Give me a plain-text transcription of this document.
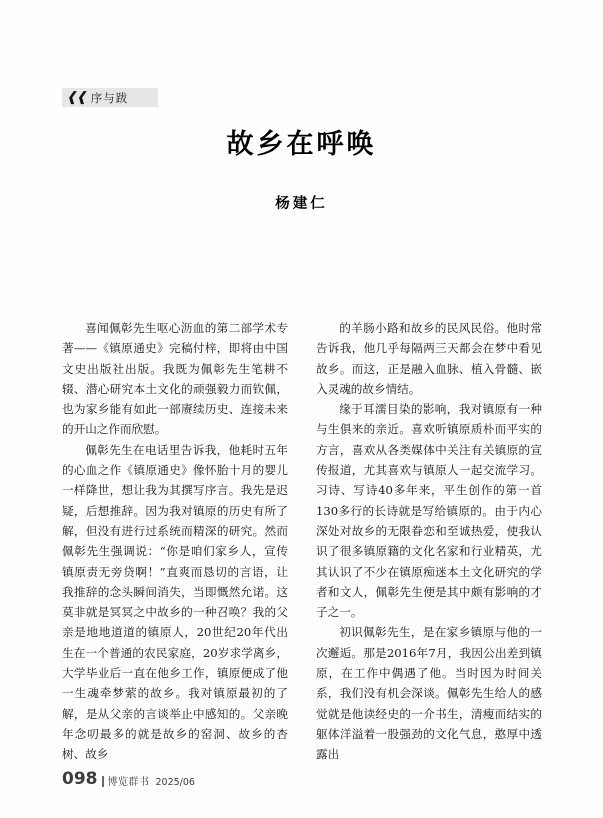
❰❰ 序与跋
故乡在呼唤
杨建仁

喜闻佩彰先生呕心沥血的第二部学术专著——《镇原通史》完稿付梓，即将由中国文史出版社出版。我既为佩彰先生笔耕不辍、潜心研究本土文化的顽强毅力而钦佩，也为家乡能有如此一部赓续历史、连接未来的开山之作而欣慰。

佩彰先生在电话里告诉我，他耗时五年的心血之作《镇原通史》像怀胎十月的婴儿一样降世，想让我为其撰写序言。我先是迟疑，后想推辞。因为我对镇原的历史有所了解，但没有进行过系统而精深的研究。然而佩彰先生强调说：“你是咱们家乡人，宣传镇原责无旁贷啊！”直爽而恳切的言语，让我推辞的念头瞬间消失，当即慨然允诺。这莫非就是冥冥之中故乡的一种召唤？我的父亲是地地道道的镇原人，20世纪20年代出生在一个普通的农民家庭，20岁求学离乡，大学毕业后一直在他乡工作，镇原便成了他一生魂牵梦萦的故乡。我对镇原最初的了解，是从父亲的言谈举止中感知的。父亲晚年念叨最多的就是故乡的窑洞、故乡的杏树、故乡

的羊肠小路和故乡的民风民俗。他时常告诉我，他几乎每隔两三天都会在梦中看见故乡。而这，正是融入血脉、植入骨髓、嵌入灵魂的故乡情结。

缘于耳濡目染的影响，我对镇原有一种与生俱来的亲近。喜欢听镇原质朴而平实的方言，喜欢从各类媒体中关注有关镇原的宣传报道，尤其喜欢与镇原人一起交流学习。习诗、写诗40多年来，平生创作的第一首130多行的长诗就是写给镇原的。由于内心深处对故乡的无限眷恋和至诚热爱，使我认识了很多镇原籍的文化名家和行业精英，尤其认识了不少在镇原痴迷本土文化研究的学者和文人，佩彰先生便是其中颇有影响的才子之一。

初识佩彰先生，是在家乡镇原与他的一次邂逅。那是2016年7月，我因公出差到镇原，在工作中偶遇了他。当时因为时间关系，我们没有机会深谈。佩彰先生给人的感觉就是他读经史的一介书生，清瘦而结实的躯体洋溢着一股强劲的文化气息，憨厚中透露出

098 博览群书 2025/06
